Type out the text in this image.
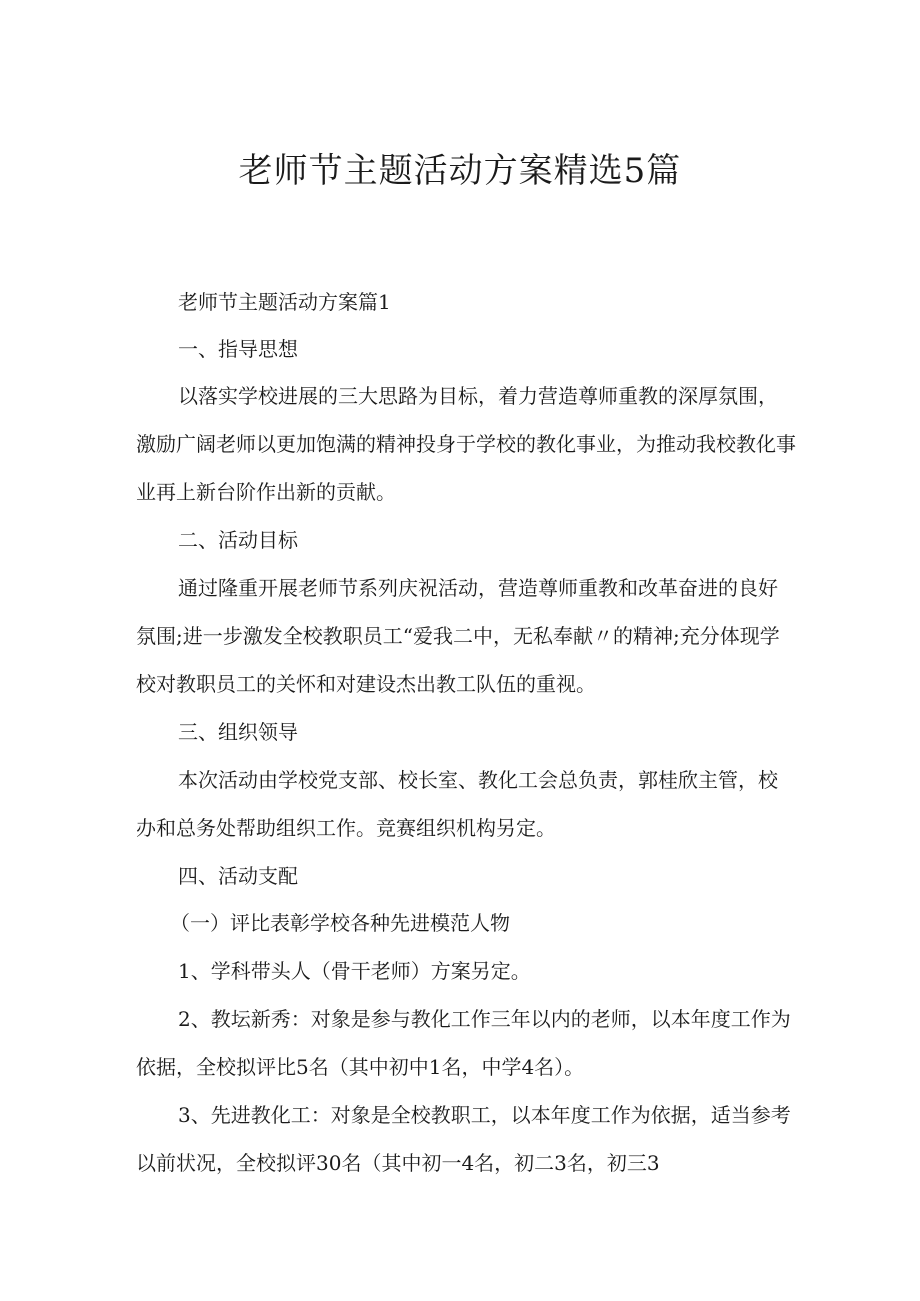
老师节主题活动方案精选5篇

老师节主题活动方案篇1

一、指导思想

以落实学校进展的三大思路为目标，着力营造尊师重教的深厚氛围，
激励广阔老师以更加饱满的精神投身于学校的教化事业，为推动我校教化事
业再上新台阶作出新的贡献。

二、活动目标

通过隆重开展老师节系列庆祝活动，营造尊师重教和改革奋进的良好
氛围;进一步激发全校教职员工“爱我二中，无私奉献〃的精神;充分体现学
校对教职员工的关怀和对建设杰出教工队伍的重视。

三、组织领导

本次活动由学校党支部、校长室、教化工会总负责，郭桂欣主管，校
办和总务处帮助组织工作。竞赛组织机构另定。

四、活动支配

（一）评比表彰学校各种先进模范人物

1、学科带头人（骨干老师）方案另定。

2、教坛新秀：对象是参与教化工作三年以内的老师，以本年度工作为
依据，全校拟评比5名（其中初中1名，中学4名）。

3、先进教化工：对象是全校教职工，以本年度工作为依据，适当参考
以前状况，全校拟评30名（其中初一4名，初二3名，初三3
